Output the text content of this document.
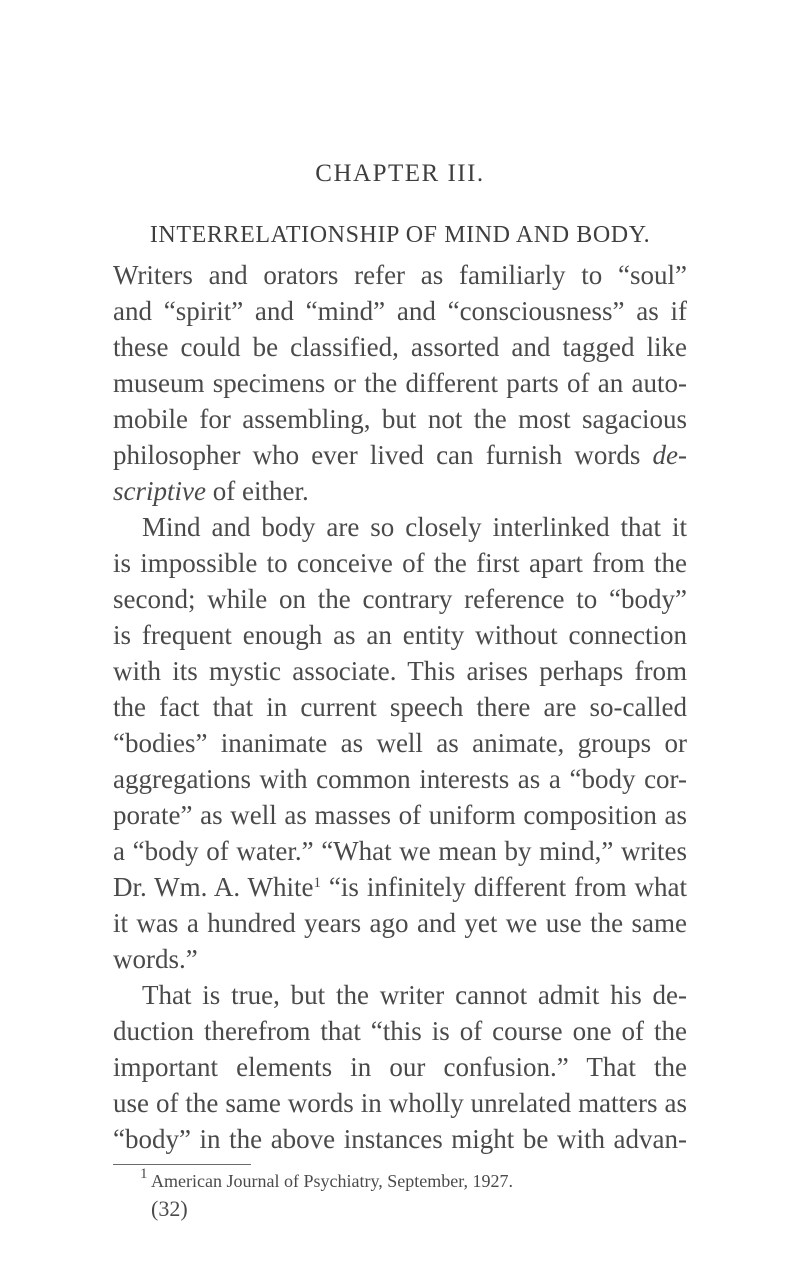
CHAPTER III.
INTERRELATIONSHIP OF MIND AND BODY.
Writers and orators refer as familiarly to “soul”
and “spirit” and “mind” and “consciousness” as if
these could be classified, assorted and tagged like
museum specimens or the different parts of an auto-
mobile for assembling, but not the most sagacious
philosopher who ever lived can furnish words de-
scriptive of either.
Mind and body are so closely interlinked that it
is impossible to conceive of the first apart from the
second; while on the contrary reference to “body”
is frequent enough as an entity without connection
with its mystic associate. This arises perhaps from
the fact that in current speech there are so-called
“bodies” inanimate as well as animate, groups or
aggregations with common interests as a “body cor-
porate” as well as masses of uniform composition as
a “body of water.” “What we mean by mind,” writes
Dr. Wm. A. White$^1$ “is infinitely different from what
it was a hundred years ago and yet we use the same
words.”
That is true, but the writer cannot admit his de-
duction therefrom that “this is of course one of the
important elements in our confusion.” That the
use of the same words in wholly unrelated matters as
“body” in the above instances might be with advan-
$^1$ American Journal of Psychiatry, September, 1927.
(32)
